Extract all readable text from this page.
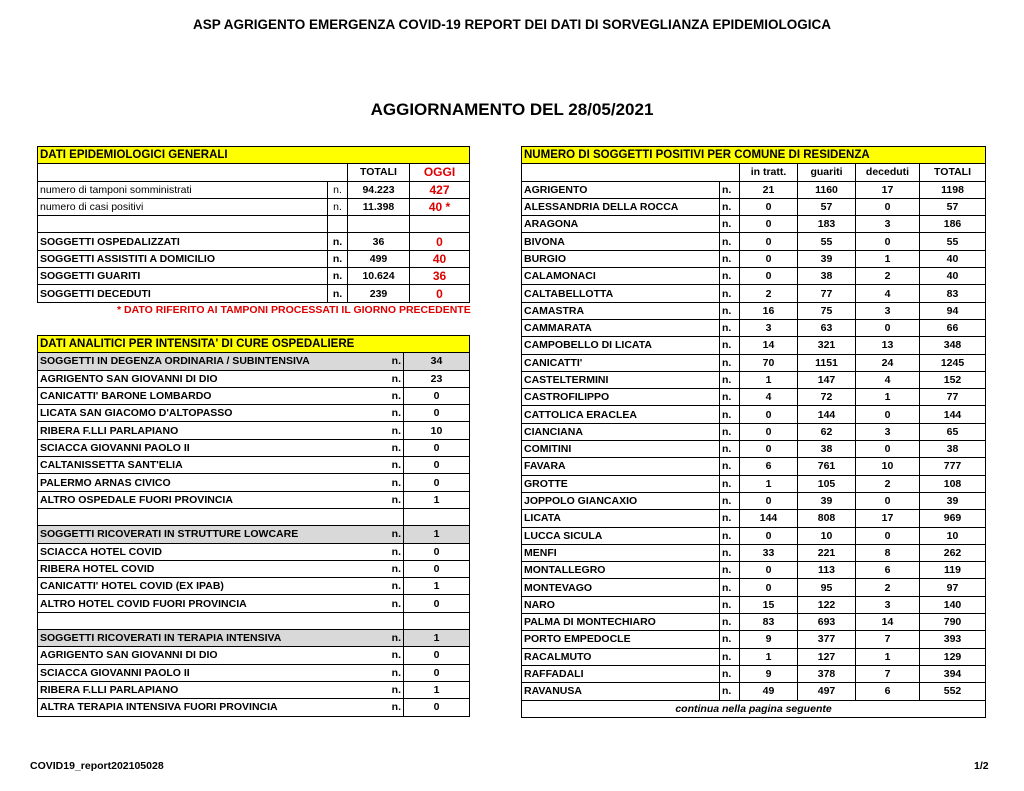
ASP AGRIGENTO EMERGENZA COVID-19 REPORT DEI DATI DI SORVEGLIANZA EPIDEMIOLOGICA
AGGIORNAMENTO DEL 28/05/2021
DATI EPIDEMIOLOGICI GENERALI			
		TOTALI	OGGI
numero di tamponi somministrati	n.	94.223	427
numero di casi positivi	n.	11.398	40 *

SOGGETTI OSPEDALIZZATI	n.	36	0
SOGGETTI ASSISTITI A DOMICILIO	n.	499	40
SOGGETTI GUARITI	n.	10.624	36
SOGGETTI DECEDUTI	n.	239	0
* DATO RIFERITO AI TAMPONI PROCESSATI IL GIORNO PRECEDENTE
DATI ANALITICI PER INTENSITA' DI CURE OSPEDALIERE		
SOGGETTI IN DEGENZA ORDINARIA / SUBINTENSIVA	n.	34
AGRIGENTO SAN GIOVANNI DI DIO	n.	23
CANICATTI' BARONE LOMBARDO	n.	0
LICATA SAN GIACOMO D'ALTOPASSO	n.	0
RIBERA F.LLI PARLAPIANO	n.	10
SCIACCA GIOVANNI PAOLO II	n.	0
CALTANISSETTA SANT'ELIA	n.	0
PALERMO ARNAS CIVICO	n.	0
ALTRO OSPEDALE FUORI PROVINCIA	n.	1

SOGGETTI RICOVERATI IN STRUTTURE LOWCARE	n.	1
SCIACCA HOTEL COVID	n.	0
RIBERA HOTEL COVID	n.	0
CANICATTI' HOTEL COVID (EX IPAB)	n.	1
ALTRO HOTEL COVID FUORI PROVINCIA	n.	0

SOGGETTI RICOVERATI IN TERAPIA INTENSIVA	n.	1
AGRIGENTO SAN GIOVANNI DI DIO	n.	0
SCIACCA GIOVANNI PAOLO II	n.	0
RIBERA F.LLI PARLAPIANO	n.	1
ALTRA TERAPIA INTENSIVA FUORI PROVINCIA	n.	0
NUMERO DI SOGGETTI POSITIVI PER COMUNE DI RESIDENZA					
		in tratt.	guariti	deceduti	TOTALI
AGRIGENTO	n.	21	1160	17	1198
ALESSANDRIA DELLA ROCCA	n.	0	57	0	57
ARAGONA	n.	0	183	3	186
BIVONA	n.	0	55	0	55
BURGIO	n.	0	39	1	40
CALAMONACI	n.	0	38	2	40
CALTABELLOTTA	n.	2	77	4	83
CAMASTRA	n.	16	75	3	94
CAMMARATA	n.	3	63	0	66
CAMPOBELLO DI LICATA	n.	14	321	13	348
CANICATTI'	n.	70	1151	24	1245
CASTELTERMINI	n.	1	147	4	152
CASTROFILIPPO	n.	4	72	1	77
CATTOLICA ERACLEA	n.	0	144	0	144
CIANCIANA	n.	0	62	3	65
COMITINI	n.	0	38	0	38
FAVARA	n.	6	761	10	777
GROTTE	n.	1	105	2	108
JOPPOLO GIANCAXIO	n.	0	39	0	39
LICATA	n.	144	808	17	969
LUCCA SICULA	n.	0	10	0	10
MENFI	n.	33	221	8	262
MONTALLEGRO	n.	0	113	6	119
MONTEVAGO	n.	0	95	2	97
NARO	n.	15	122	3	140
PALMA DI MONTECHIARO	n.	83	693	14	790
PORTO EMPEDOCLE	n.	9	377	7	393
RACALMUTO	n.	1	127	1	129
RAFFADALI	n.	9	378	7	394
RAVANUSA	n.	49	497	6	552
continua nella pagina seguente					
COVID19_report202105028	1/2
